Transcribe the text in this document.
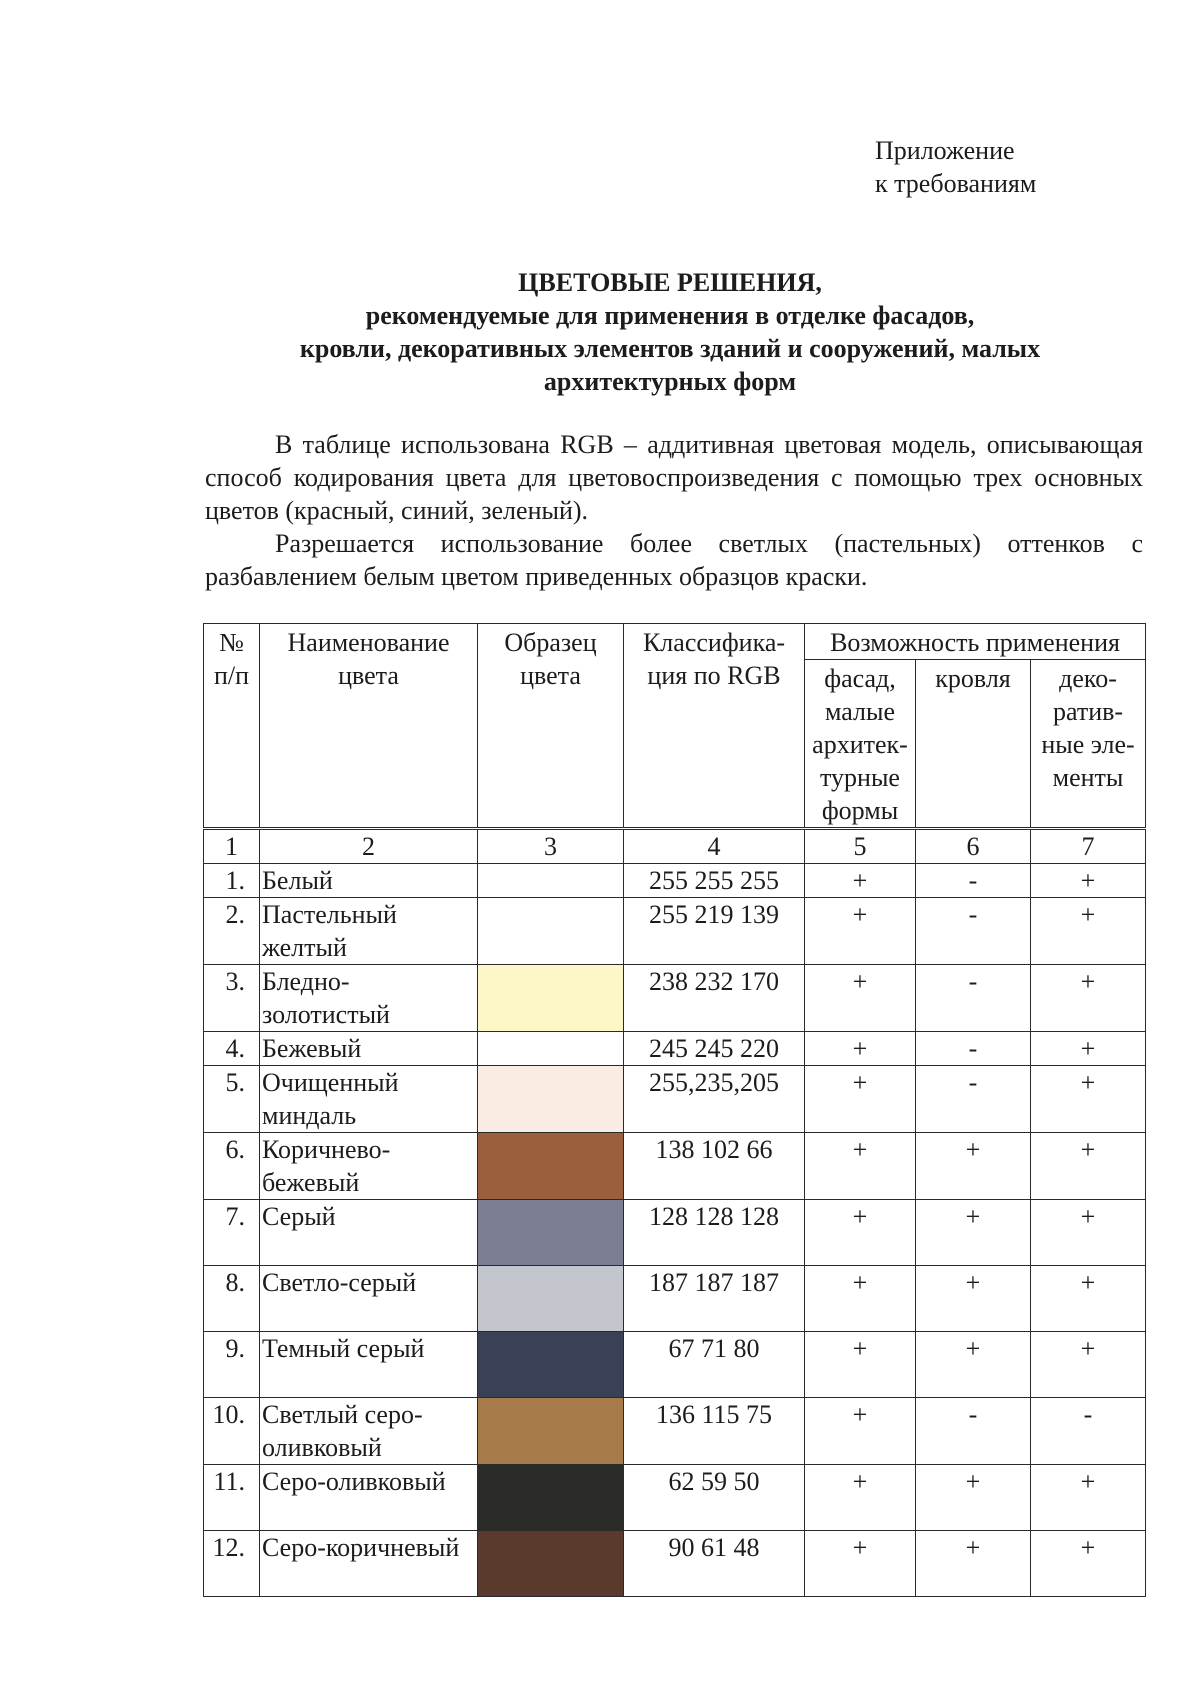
Приложение
к требованиям
ЦВЕТОВЫЕ РЕШЕНИЯ,
рекомендуемые для применения в отделке фасадов,
кровли, декоративных элементов зданий и сооружений, малых
архитектурных форм

В таблице использована RGB – аддитивная цветовая модель, описывающая способ кодирования цвета для цветовоспроизведения с помощью трех основных цветов (красный, синий, зеленый).

Разрешается использование более светлых (пастельных) оттенков с разбавлением белым цветом приведенных образцов краски.

№ п/п	Наименование цвета	Образец цвета	Классифика-ция по RGB	Возможность применения		
				фасад, малые архитек-турные формы	кровля	деко-ратив-ные эле-менты
1	2	3	4	5	6	7
1.	Белый		255 255 255	+	-	+
2.	Пастельный желтый		255 219 139	+	-	+
3.	Бледно-золотистый		238 232 170	+	-	+
4.	Бежевый		245 245 220	+	-	+
5.	Очищенный миндаль		255,235,205	+	-	+
6.	Коричнево-бежевый		138 102 66	+	+	+
7.	Серый		128 128 128	+	+	+
8.	Светло-серый		187 187 187	+	+	+
9.	Темный серый		67 71 80	+	+	+
10.	Светлый серо-оливковый		136 115 75	+	-	-
11.	Серо-оливковый		62 59 50	+	+	+
12.	Серо-коричневый		90 61 48	+	+	+
